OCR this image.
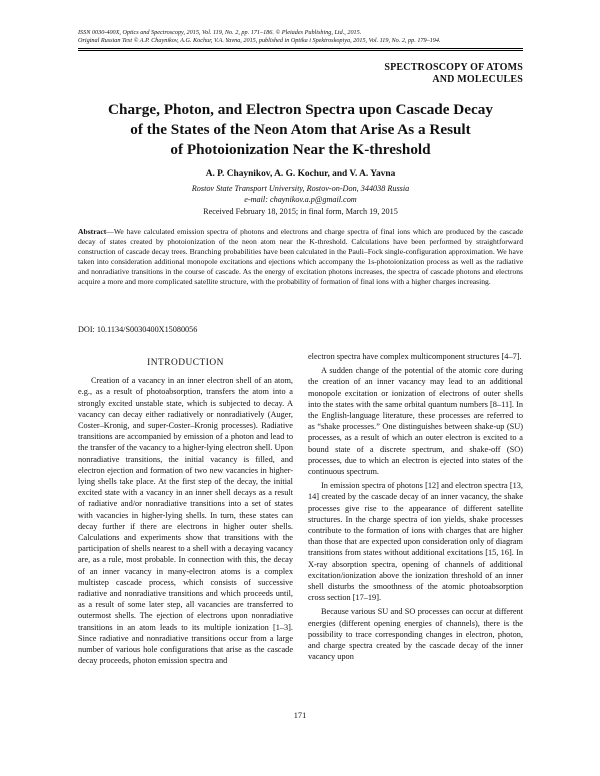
ISSN 0030-400X, Optics and Spectroscopy, 2015, Vol. 119, No. 2, pp. 171–186. © Pleiades Publishing, Ltd., 2015.
Original Russian Text © A.P. Chaynikov, A.G. Kochur, V.A. Yavna, 2015, published in Optika i Spektroskopiya, 2015, Vol. 119, No. 2, pp. 179–194.
SPECTROSCOPY OF ATOMS
AND MOLECULES
Charge, Photon, and Electron Spectra upon Cascade Decay
of the States of the Neon Atom that Arise As a Result
of Photoionization Near the K-threshold
A. P. Chaynikov, A. G. Kochur, and V. A. Yavna
Rostov State Transport University, Rostov-on-Don, 344038 Russia
e-mail: chaynikov.a.p@gmail.com
Received February 18, 2015; in final form, March 19, 2015
Abstract—We have calculated emission spectra of photons and electrons and charge spectra of final ions which are produced by the cascade decay of states created by photoionization of the neon atom near the K-threshold. Calculations have been performed by straightforward construction of cascade decay trees. Branching probabilities have been calculated in the Pauli–Fock single-configuration approximation. We have taken into consideration additional monopole excitations and ejections which accompany the 1s-photoionization process as well as the radiative and nonradiative transitions in the course of cascade. As the energy of excitation photons increases, the spectra of cascade photons and electrons acquire a more and more complicated satellite structure, with the probability of formation of final ions with a higher charges increasing.
DOI: 10.1134/S0030400X15080056
INTRODUCTION

Creation of a vacancy in an inner electron shell of an atom, e.g., as a result of photoabsorption, transfers the atom into a strongly excited unstable state, which is subjected to decay. A vacancy can decay either radiatively or nonradiatively (Auger, Coster–Kronig, and super-Coster–Kronig processes). Radiative transitions are accompanied by emission of a photon and lead to the transfer of the vacancy to a higher-lying electron shell. Upon nonradiative transitions, the initial vacancy is filled, and electron ejection and formation of two new vacancies in higher-lying shells take place. At the first step of the decay, the initial excited state with a vacancy in an inner shell decays as a result of radiative and/or nonradiative transitions into a set of states with vacancies in higher-lying shells. In turn, these states can decay further if there are electrons in higher outer shells. Calculations and experiments show that transitions with the participation of shells nearest to a shell with a decaying vacancy are, as a rule, most probable. In connection with this, the decay of an inner vacancy in many-electron atoms is a complex multistep cascade process, which consists of successive radiative and nonradiative transitions and which proceeds until, as a result of some later step, all vacancies are transferred to outermost shells. The ejection of electrons upon nonradiative transitions in an atom leads to its multiple ionization [1–3]. Since radiative and nonradiative transitions occur from a large number of various hole configurations that arise as the cascade decay proceeds, photon emission spectra and

electron spectra have complex multicomponent structures [4–7].

A sudden change of the potential of the atomic core during the creation of an inner vacancy may lead to an additional monopole excitation or ionization of electrons of outer shells into the states with the same orbital quantum numbers [8–11]. In the English-language literature, these processes are referred to as “shake processes.” One distinguishes between shake-up (SU) processes, as a result of which an outer electron is excited to a bound state of a discrete spectrum, and shake-off (SO) processes, due to which an electron is ejected into states of the continuous spectrum.

In emission spectra of photons [12] and electron spectra [13, 14] created by the cascade decay of an inner vacancy, the shake processes give rise to the appearance of different satellite structures. In the charge spectra of ion yields, shake processes contribute to the formation of ions with charges that are higher than those that are expected upon consideration only of diagram transitions from states without additional excitations [15, 16]. In X-ray absorption spectra, opening of channels of additional excitation/ionization above the ionization threshold of an inner shell disturbs the smoothness of the atomic photoabsorption cross section [17–19].

Because various SU and SO processes can occur at different energies (different opening energies of channels), there is the possibility to trace corresponding changes in electron, photon, and charge spectra created by the cascade decay of the inner vacancy upon

171
